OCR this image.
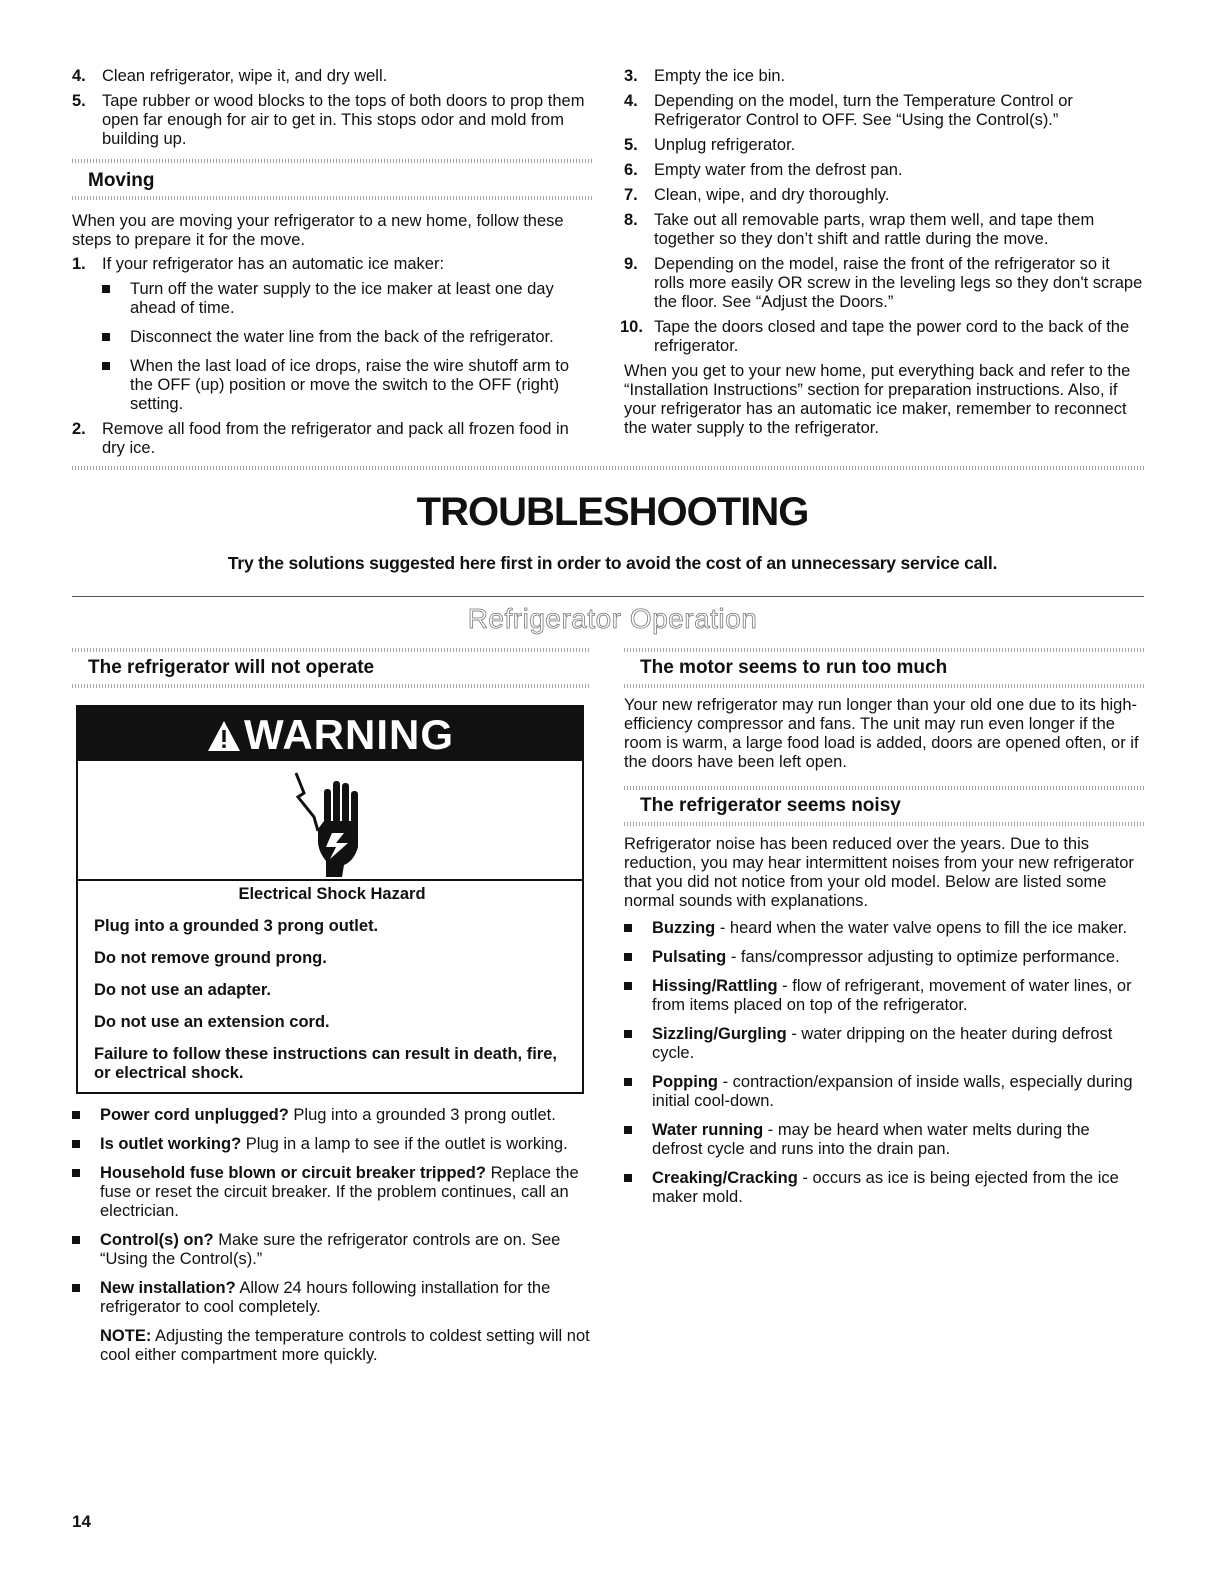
4. Clean refrigerator, wipe it, and dry well.
5. Tape rubber or wood blocks to the tops of both doors to prop them open far enough for air to get in. This stops odor and mold from building up.
Moving

When you are moving your refrigerator to a new home, follow these steps to prepare it for the move.

1. If your refrigerator has an automatic ice maker:
Turn off the water supply to the ice maker at least one day ahead of time.
Disconnect the water line from the back of the refrigerator.
When the last load of ice drops, raise the wire shutoff arm to the OFF (up) position or move the switch to the OFF (right) setting.
2. Remove all food from the refrigerator and pack all frozen food in dry ice.
3. Empty the ice bin.
4. Depending on the model, turn the Temperature Control or Refrigerator Control to OFF. See “Using the Control(s).”
5. Unplug refrigerator.
6. Empty water from the defrost pan.
7. Clean, wipe, and dry thoroughly.
8. Take out all removable parts, wrap them well, and tape them together so they don’t shift and rattle during the move.
9. Depending on the model, raise the front of the refrigerator so it rolls more easily OR screw in the leveling legs so they don't scrape the floor. See “Adjust the Doors.”
10. Tape the doors closed and tape the power cord to the back of the refrigerator.

When you get to your new home, put everything back and refer to the “Installation Instructions” section for preparation instructions. Also, if your refrigerator has an automatic ice maker, remember to reconnect the water supply to the refrigerator.

TROUBLESHOOTING
Try the solutions suggested here first in order to avoid the cost of an unnecessary service call.
Refrigerator Operation
The refrigerator will not operate
WARNING
Electrical Shock Hazard
Plug into a grounded 3 prong outlet.
Do not remove ground prong.
Do not use an adapter.
Do not use an extension cord.
Failure to follow these instructions can result in death, fire, or electrical shock.
Power cord unplugged? Plug into a grounded 3 prong outlet.
Is outlet working? Plug in a lamp to see if the outlet is working.
Household fuse blown or circuit breaker tripped? Replace the fuse or reset the circuit breaker. If the problem continues, call an electrician.
Control(s) on? Make sure the refrigerator controls are on. See “Using the Control(s).”
New installation? Allow 24 hours following installation for the refrigerator to cool completely.

NOTE: Adjusting the temperature controls to coldest setting will not cool either compartment more quickly.

The motor seems to run too much

Your new refrigerator may run longer than your old one due to its high-efficiency compressor and fans. The unit may run even longer if the room is warm, a large food load is added, doors are opened often, or if the doors have been left open.

The refrigerator seems noisy

Refrigerator noise has been reduced over the years. Due to this reduction, you may hear intermittent noises from your new refrigerator that you did not notice from your old model. Below are listed some normal sounds with explanations.

Buzzing - heard when the water valve opens to fill the ice maker.
Pulsating - fans/compressor adjusting to optimize performance.
Hissing/Rattling - flow of refrigerant, movement of water lines, or from items placed on top of the refrigerator.
Sizzling/Gurgling - water dripping on the heater during defrost cycle.
Popping - contraction/expansion of inside walls, especially during initial cool-down.
Water running - may be heard when water melts during the defrost cycle and runs into the drain pan.
Creaking/Cracking - occurs as ice is being ejected from the ice maker mold.
14
